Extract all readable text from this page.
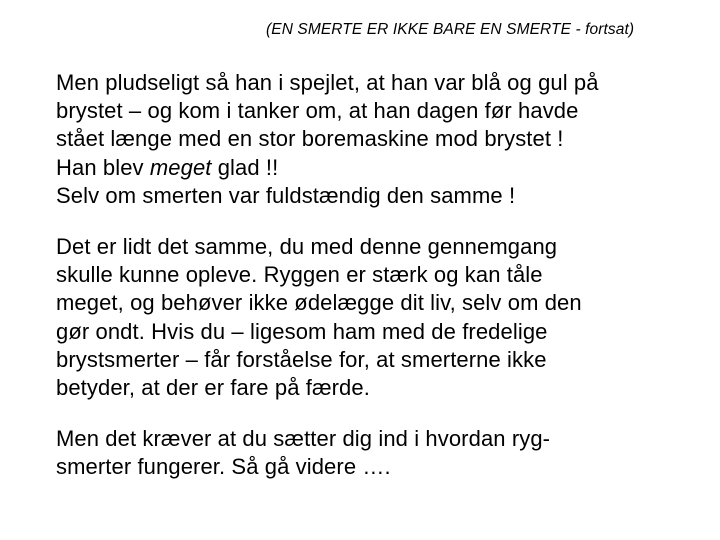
(EN SMERTE ER IKKE BARE EN SMERTE - fortsat)
Men pludseligt så han i spejlet, at han var blå og gul på
brystet – og kom i tanker om, at han dagen før havde
stået længe med en stor boremaskine mod brystet !
Han blev meget glad !!
Selv om smerten var fuldstændig den samme !
Det er lidt det samme, du med denne gennemgang
skulle kunne opleve. Ryggen er stærk og kan tåle
meget, og behøver ikke ødelægge dit liv, selv om den
gør ondt. Hvis du – ligesom ham med de fredelige
brystsmerter – får forståelse for, at smerterne ikke
betyder, at der er fare på færde.
Men det kræver at du sætter dig ind i hvordan ryg-
smerter fungerer. Så gå videre ….
